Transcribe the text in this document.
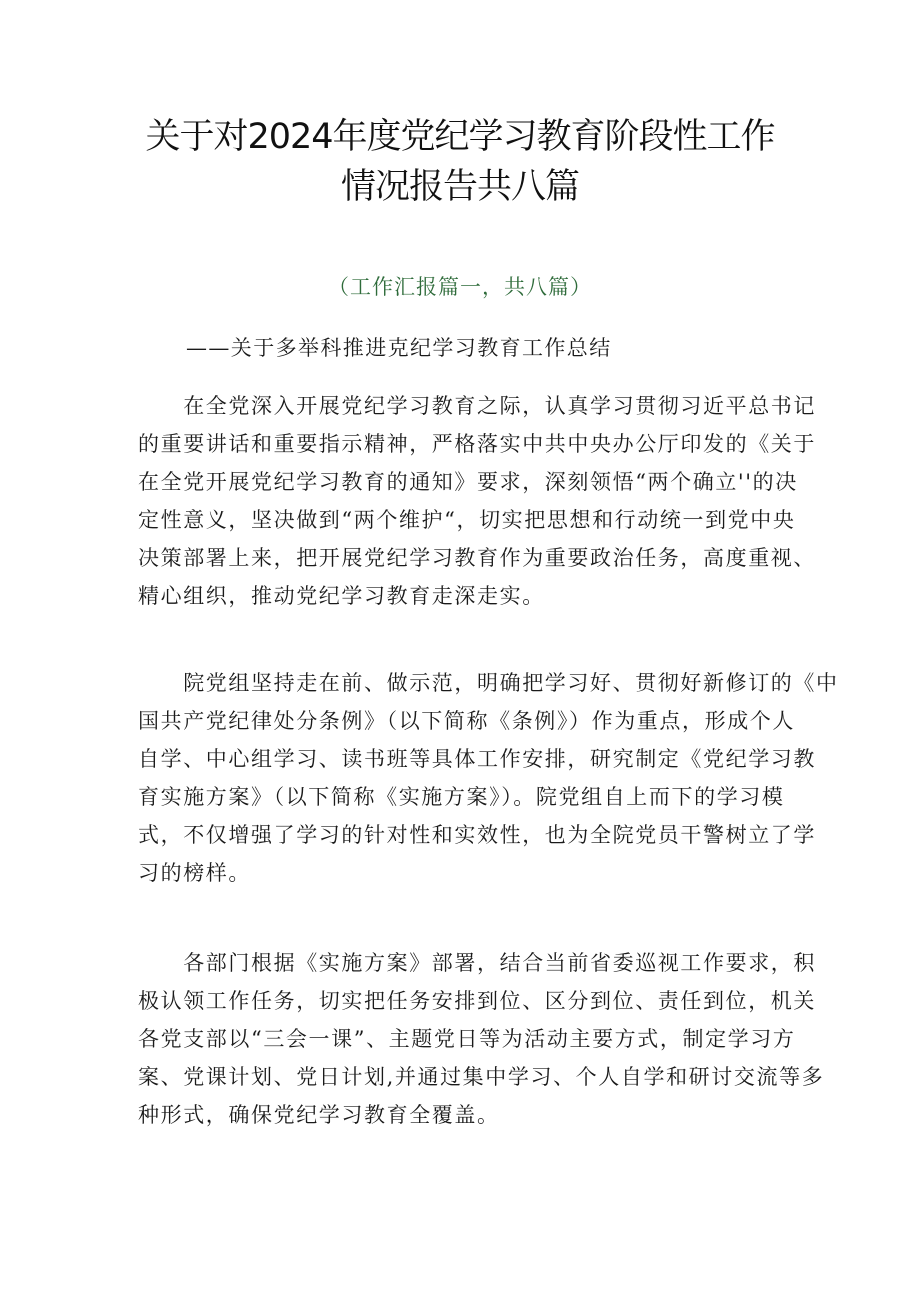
关于对2024年度党纪学习教育阶段性工作
情况报告共八篇
（工作汇报篇一，共八篇）
——关于多举科推进克纪学习教育工作总结

　　在全党深入开展党纪学习教育之际，认真学习贯彻习近平总书记
的重要讲话和重要指示精神，严格落实中共中央办公厅印发的《关于
在全党开展党纪学习教育的通知》要求，深刻领悟“两个确立''的决
定性意义，坚决做到“两个维护“，切实把思想和行动统一到党中央
决策部署上来，把开展党纪学习教育作为重要政治任务，高度重视、
精心组织，推动党纪学习教育走深走实。

　　院党组坚持走在前、做示范，明确把学习好、贯彻好新修订的《中
国共产党纪律处分条例》（以下简称《条例》）作为重点，形成个人
自学、中心组学习、读书班等具体工作安排，研究制定《党纪学习教
育实施方案》（以下简称《实施方案》）。院党组自上而下的学习模
式，不仅增强了学习的针对性和实效性，也为全院党员干警树立了学
习的榜样。

　　各部门根据《实施方案》部署，结合当前省委巡视工作要求，积
极认领工作任务，切实把任务安排到位、区分到位、责任到位，机关
各党支部以“三会一课”、主题党日等为活动主要方式，制定学习方
案、党课计划、党日计划,并通过集中学习、个人自学和研讨交流等多
种形式，确保党纪学习教育全覆盖。
